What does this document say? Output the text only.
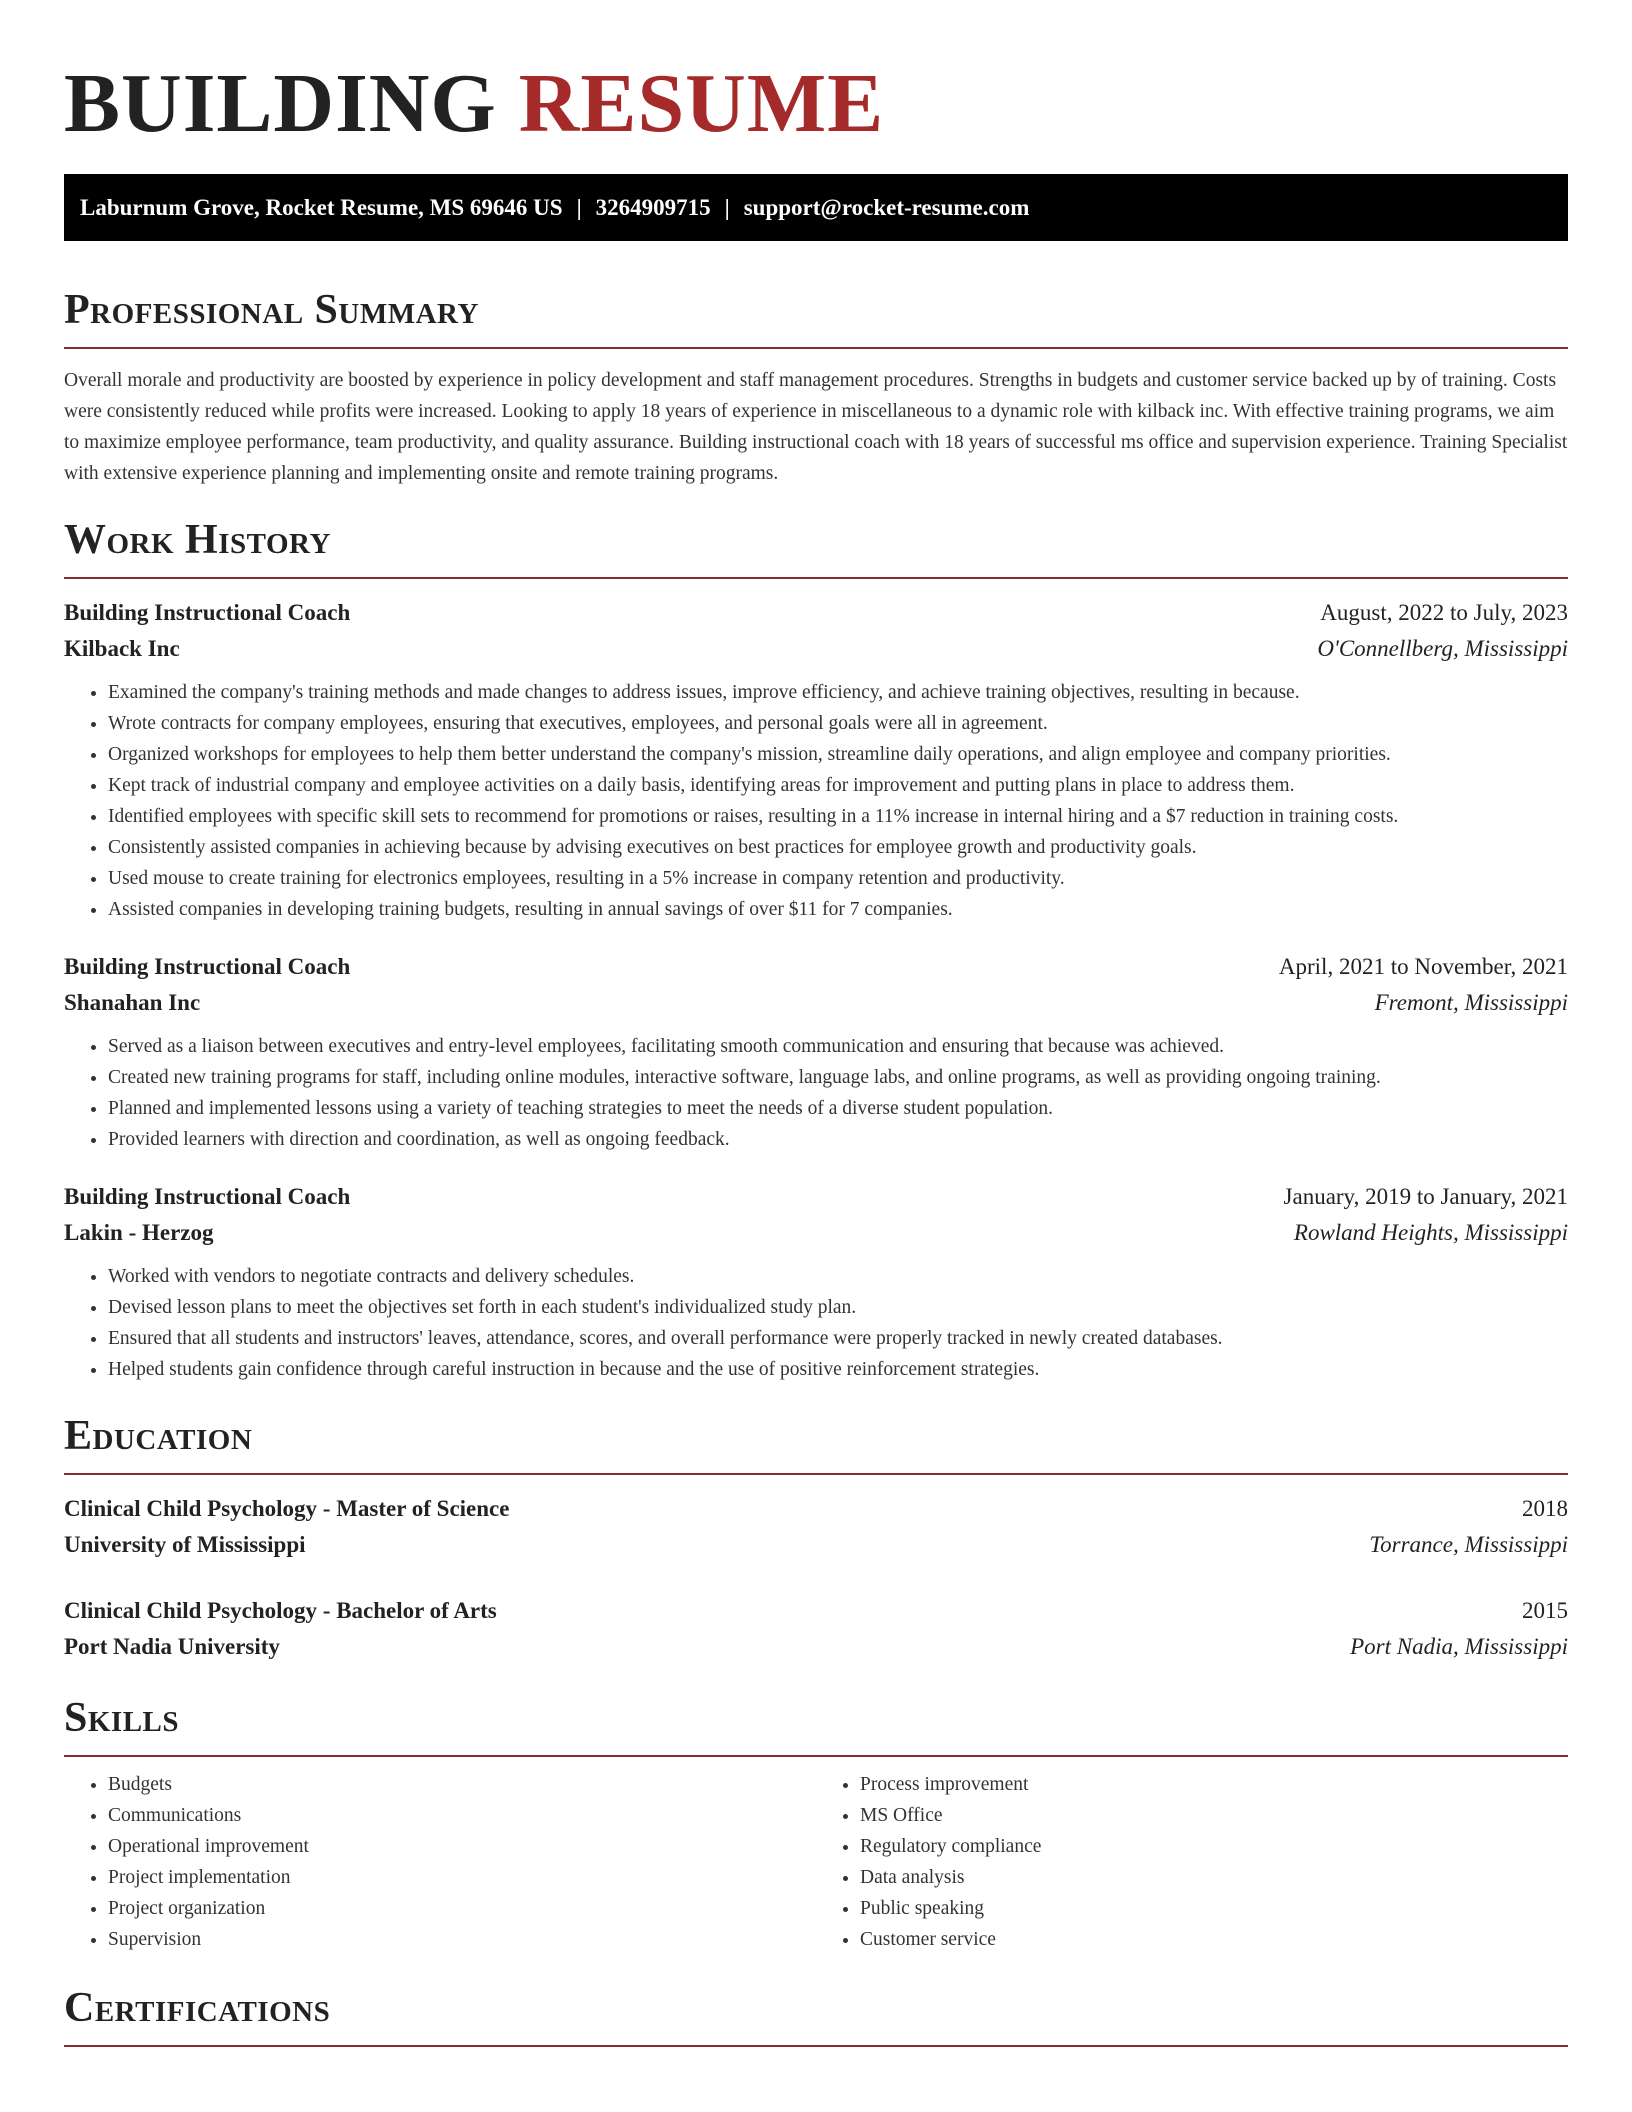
BUILDING RESUME
Laburnum Grove, Rocket Resume, MS 69646 US | 3264909715 | support@rocket-resume.com
Professional Summary

Overall morale and productivity are boosted by experience in policy development and staff management procedures. Strengths in budgets and customer service backed up by of training. Costs were consistently reduced while profits were increased. Looking to apply 18 years of experience in miscellaneous to a dynamic role with kilback inc. With effective training programs, we aim to maximize employee performance, team productivity, and quality assurance. Building instructional coach with 18 years of successful ms office and supervision experience. Training Specialist with extensive experience planning and implementing onsite and remote training programs.

Work History
Building Instructional Coach	August, 2022 to July, 2023
Kilback Inc	O'Connellberg, Mississippi
• Examined the company's training methods and made changes to address issues, improve efficiency, and achieve training objectives, resulting in because.
• Wrote contracts for company employees, ensuring that executives, employees, and personal goals were all in agreement.
• Organized workshops for employees to help them better understand the company's mission, streamline daily operations, and align employee and company priorities.
• Kept track of industrial company and employee activities on a daily basis, identifying areas for improvement and putting plans in place to address them.
• Identified employees with specific skill sets to recommend for promotions or raises, resulting in a 11% increase in internal hiring and a $7 reduction in training costs.
• Consistently assisted companies in achieving because by advising executives on best practices for employee growth and productivity goals.
• Used mouse to create training for electronics employees, resulting in a 5% increase in company retention and productivity.
• Assisted companies in developing training budgets, resulting in annual savings of over $11 for 7 companies.
Building Instructional Coach	April, 2021 to November, 2021
Shanahan Inc	Fremont, Mississippi
• Served as a liaison between executives and entry-level employees, facilitating smooth communication and ensuring that because was achieved.
• Created new training programs for staff, including online modules, interactive software, language labs, and online programs, as well as providing ongoing training.
• Planned and implemented lessons using a variety of teaching strategies to meet the needs of a diverse student population.
• Provided learners with direction and coordination, as well as ongoing feedback.
Building Instructional Coach	January, 2019 to January, 2021
Lakin - Herzog	Rowland Heights, Mississippi
• Worked with vendors to negotiate contracts and delivery schedules.
• Devised lesson plans to meet the objectives set forth in each student's individualized study plan.
• Ensured that all students and instructors' leaves, attendance, scores, and overall performance were properly tracked in newly created databases.
• Helped students gain confidence through careful instruction in because and the use of positive reinforcement strategies.
Education
Clinical Child Psychology - Master of Science	2018
University of Mississippi	Torrance, Mississippi
Clinical Child Psychology - Bachelor of Arts	2015
Port Nadia University	Port Nadia, Mississippi
Skills
• Budgets
• Communications
• Operational improvement
• Project implementation
• Project organization
• Supervision
• Process improvement
• MS Office
• Regulatory compliance
• Data analysis
• Public speaking
• Customer service
Certifications
